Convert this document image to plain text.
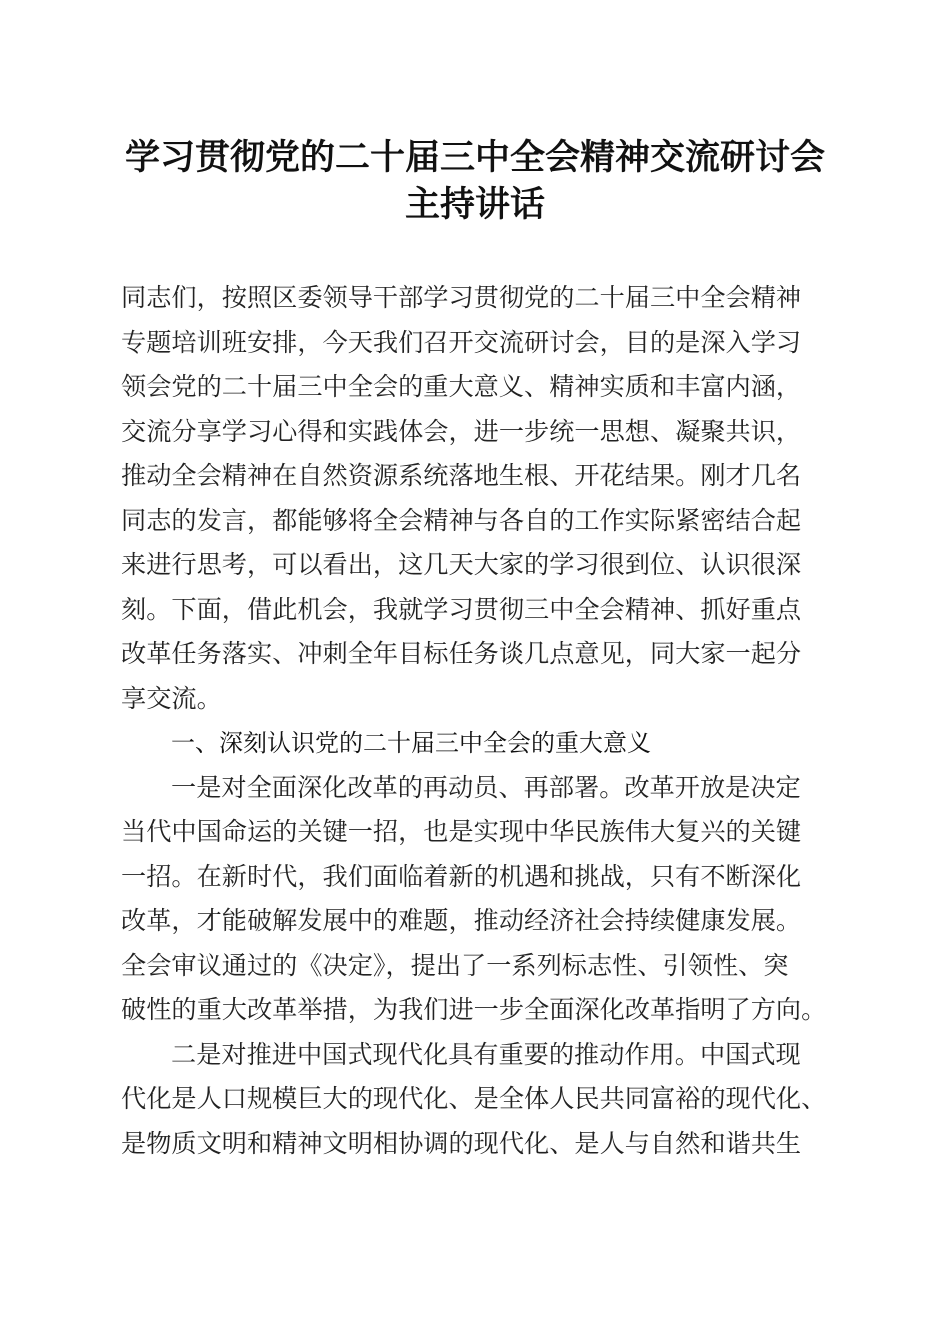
学习贯彻党的二十届三中全会精神交流研讨会
主持讲话
同志们，按照区委领导干部学习贯彻党的二十届三中全会精神
专题培训班安排，今天我们召开交流研讨会，目的是深入学习
领会党的二十届三中全会的重大意义、精神实质和丰富内涵，
交流分享学习心得和实践体会，进一步统一思想、凝聚共识，
推动全会精神在自然资源系统落地生根、开花结果。刚才几名
同志的发言，都能够将全会精神与各自的工作实际紧密结合起
来进行思考，可以看出，这几天大家的学习很到位、认识很深
刻。下面，借此机会，我就学习贯彻三中全会精神、抓好重点
改革任务落实、冲刺全年目标任务谈几点意见，同大家一起分
享交流。
一、深刻认识党的二十届三中全会的重大意义
一是对全面深化改革的再动员、再部署。改革开放是决定
当代中国命运的关键一招，也是实现中华民族伟大复兴的关键
一招。在新时代，我们面临着新的机遇和挑战，只有不断深化
改革，才能破解发展中的难题，推动经济社会持续健康发展。
全会审议通过的《决定》，提出了一系列标志性、引领性、突
破性的重大改革举措，为我们进一步全面深化改革指明了方向。
二是对推进中国式现代化具有重要的推动作用。中国式现
代化是人口规模巨大的现代化、是全体人民共同富裕的现代化、
是物质文明和精神文明相协调的现代化、是人与自然和谐共生
